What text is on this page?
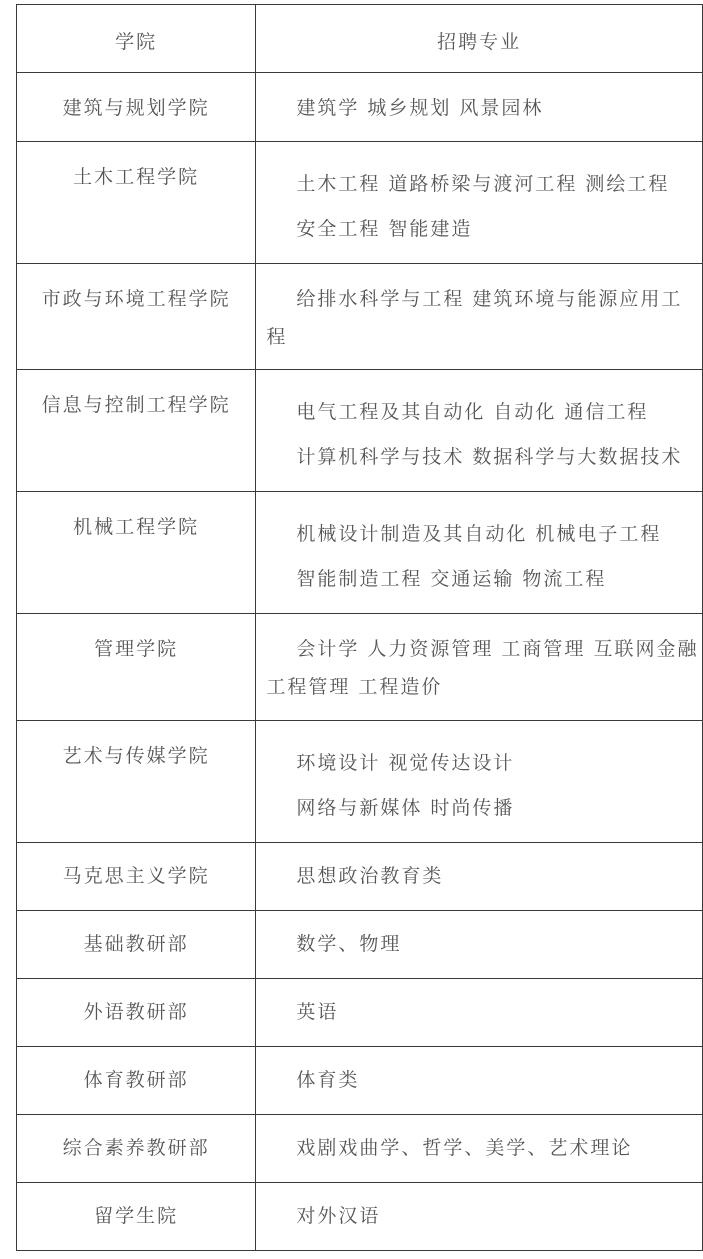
学院	招聘专业

建筑与规划学院	建筑学 城乡规划 风景园林

土木工程学院	土木工程 道路桥梁与渡河工程 测绘工程
安全工程 智能建造

市政与环境工程学院	给排水科学与工程 建筑环境与能源应用工
程

信息与控制工程学院	电气工程及其自动化 自动化 通信工程
计算机科学与技术 数据科学与大数据技术

机械工程学院	机械设计制造及其自动化 机械电子工程
智能制造工程 交通运输 物流工程

管理学院	会计学 人力资源管理 工商管理 互联网金融
工程管理 工程造价

艺术与传媒学院	环境设计 视觉传达设计
网络与新媒体 时尚传播

马克思主义学院	思想政治教育类

基础教研部	数学、物理

外语教研部	英语

体育教研部	体育类

综合素养教研部	戏剧戏曲学、哲学、美学、艺术理论

留学生院	对外汉语
